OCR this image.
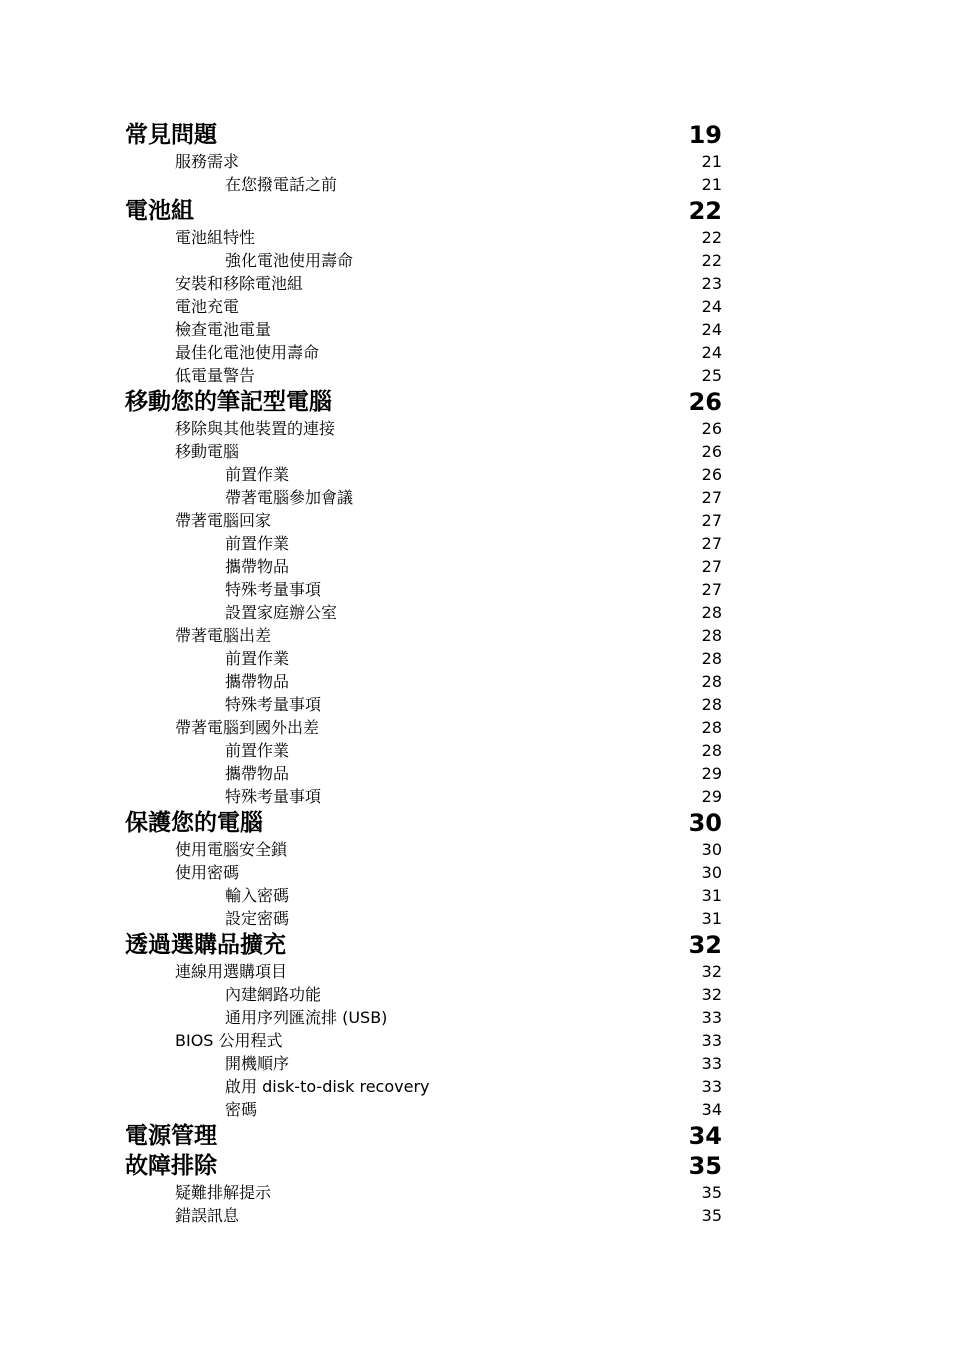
常見問題	19
服務需求	21
在您撥電話之前	21
電池組	22
電池組特性	22
強化電池使用壽命	22
安裝和移除電池組	23
電池充電	24
檢查電池電量	24
最佳化電池使用壽命	24
低電量警告	25
移動您的筆記型電腦	26
移除與其他裝置的連接	26
移動電腦	26
前置作業	26
帶著電腦參加會議	27
帶著電腦回家	27
前置作業	27
攜帶物品	27
特殊考量事項	27
設置家庭辦公室	28
帶著電腦出差	28
前置作業	28
攜帶物品	28
特殊考量事項	28
帶著電腦到國外出差	28
前置作業	28
攜帶物品	29
特殊考量事項	29
保護您的電腦	30
使用電腦安全鎖	30
使用密碼	30
輸入密碼	31
設定密碼	31
透過選購品擴充	32
連線用選購項目	32
內建網路功能	32
通用序列匯流排 (USB)	33
BIOS 公用程式	33
開機順序	33
啟用 disk-to-disk recovery	33
密碼	34
電源管理	34
故障排除	35
疑難排解提示	35
錯誤訊息	35
